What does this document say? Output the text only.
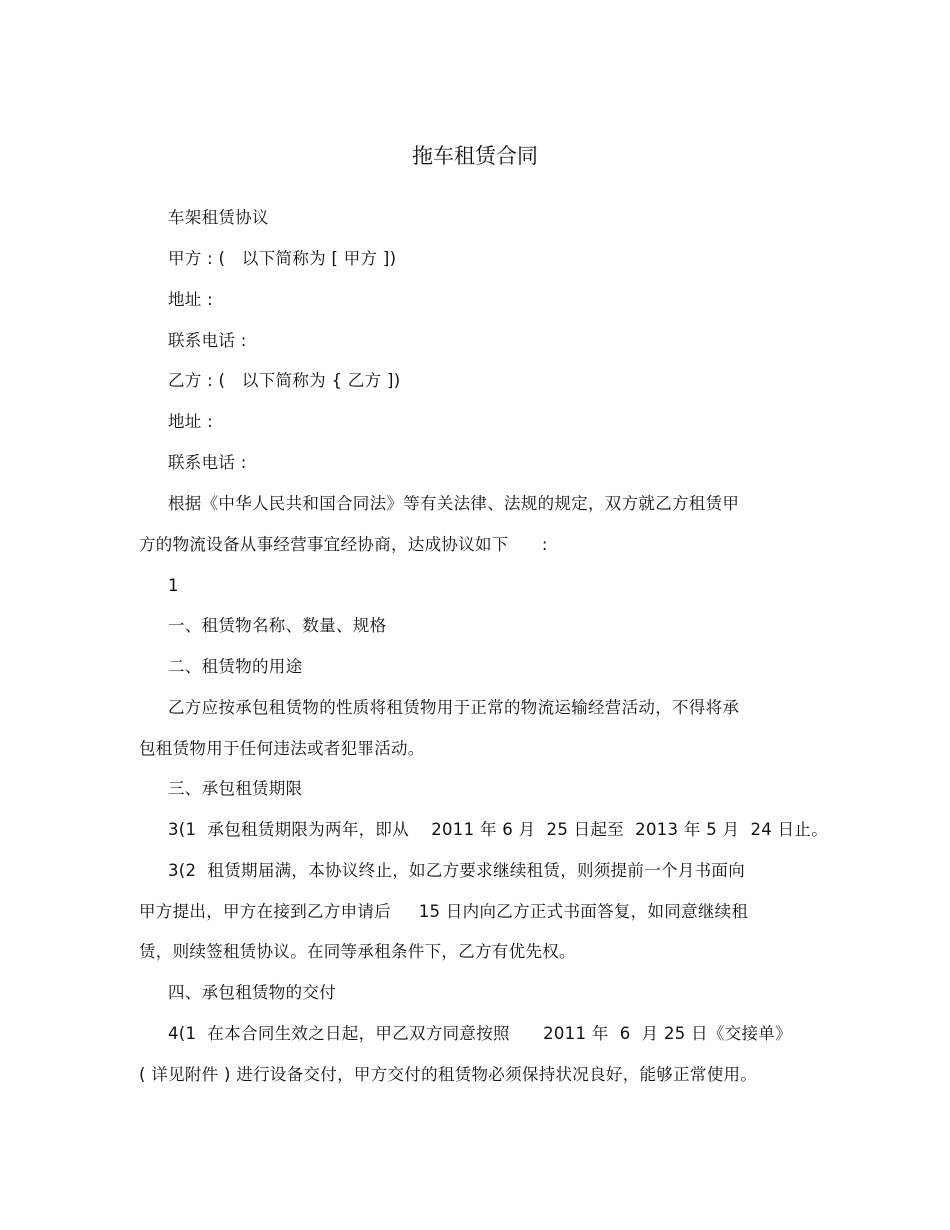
拖车租赁合同
车架租赁协议
甲方 : (   以下简称为 [ 甲方 ])
地址 :
联系电话 :
乙方 : (   以下简称为 { 乙方 ])
地址 :
联系电话 :
根据《中华人民共和国合同法》等有关法律、法规的规定，双方就乙方租赁甲
方的物流设备从事经营事宜经协商，达成协议如下      :
1
一、租赁物名称、数量、规格
二、租赁物的用途
乙方应按承包租赁物的性质将租赁物用于正常的物流运输经营活动，不得将承
包租赁物用于任何违法或者犯罪活动。
三、承包租赁期限
3(1  承包租赁期限为两年，即从    2011 年 6 月  25 日起至  2013 年 5 月  24 日止。
3(2  租赁期届满，本协议终止，如乙方要求继续租赁，则须提前一个月书面向
甲方提出，甲方在接到乙方申请后     15 日内向乙方正式书面答复，如同意继续租
赁，则续签租赁协议。在同等承租条件下，乙方有优先权。
四、承包租赁物的交付
4(1  在本合同生效之日起，甲乙双方同意按照      2011 年  6  月 25 日《交接单》
( 详见附件 ) 进行设备交付，甲方交付的租赁物必须保持状况良好，能够正常使用。
